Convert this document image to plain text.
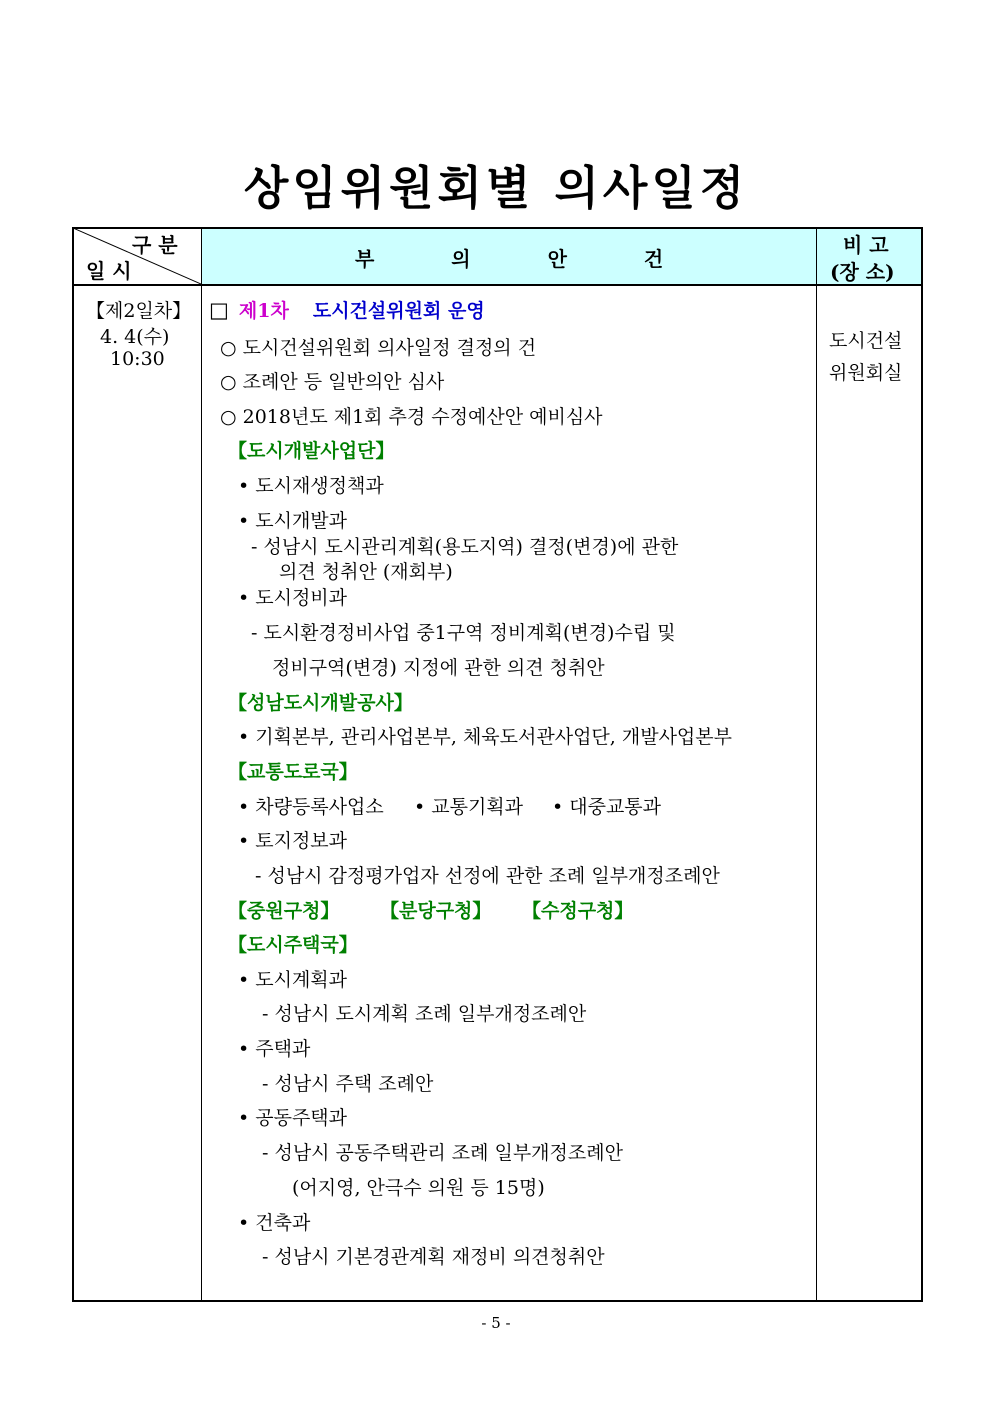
상임위원회별 의사일정
구 분
일 시	부 의 안 건
비 고
(장 소)
【제2일차】
4. 4(수)
10:30
도시건설
위원회실
□ 제1차 도시건설위원회 운영
○ 도시건설위원회 의사일정 결정의 건
○ 조례안 등 일반의안 심사
○ 2018년도 제1회 추경 수정예산안 예비심사
【도시개발사업단】
• 도시재생정책과
• 도시개발과
- 성남시 도시관리계획(용도지역) 결정(변경)에 관한
의견 청취안 (재회부)
• 도시정비과
- 도시환경정비사업 중1구역 정비계획(변경)수립 및
정비구역(변경) 지정에 관한 의견 청취안
【성남도시개발공사】
• 기획본부, 관리사업본부, 체육도서관사업단, 개발사업본부
【교통도로국】
• 차량등록사업소 • 교통기획과 • 대중교통과
• 토지정보과
- 성남시 감정평가업자 선정에 관한 조례 일부개정조례안
【중원구청】 【분당구청】 【수정구청】
【도시주택국】
• 도시계획과
- 성남시 도시계획 조례 일부개정조례안
• 주택과
- 성남시 주택 조례안
• 공동주택과
- 성남시 공동주택관리 조례 일부개정조례안
(어지영, 안극수 의원 등 15명)
• 건축과
- 성남시 기본경관계획 재정비 의견청취안
- 5 -
